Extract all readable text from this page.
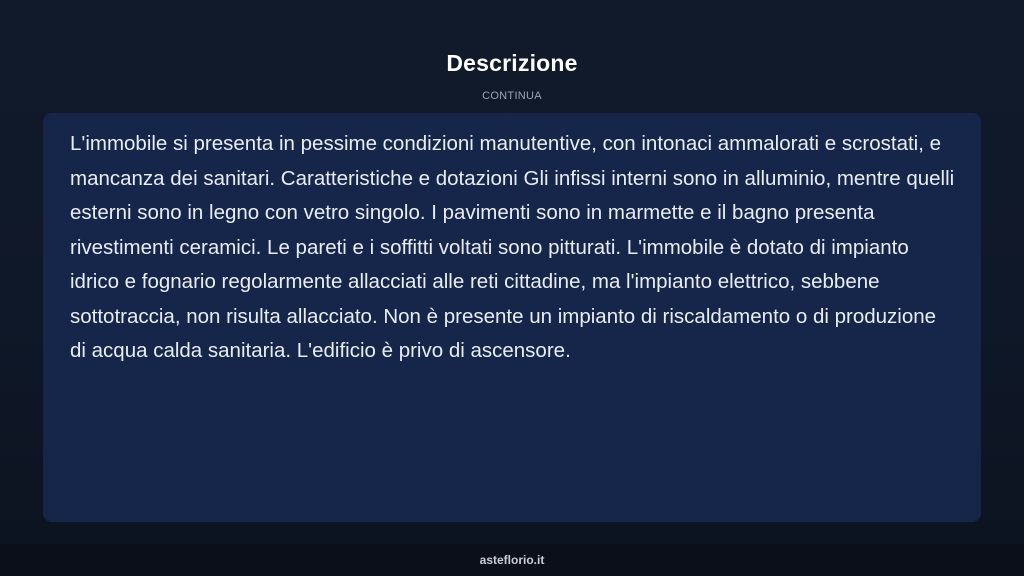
Descrizione
CONTINUA

L'immobile si presenta in pessime condizioni manutentive, con intonaci ammalorati e scrostati, e mancanza dei sanitari. Caratteristiche e dotazioni Gli infissi interni sono in alluminio, mentre quelli esterni sono in legno con vetro singolo. I pavimenti sono in marmette e il bagno presenta rivestimenti ceramici. Le pareti e i soffitti voltati sono pitturati. L'immobile è dotato di impianto idrico e fognario regolarmente allacciati alle reti cittadine, ma l'impianto elettrico, sebbene sottotraccia, non risulta allacciato. Non è presente un impianto di riscaldamento o di produzione di acqua calda sanitaria. L'edificio è privo di ascensore.

asteflorio.it
